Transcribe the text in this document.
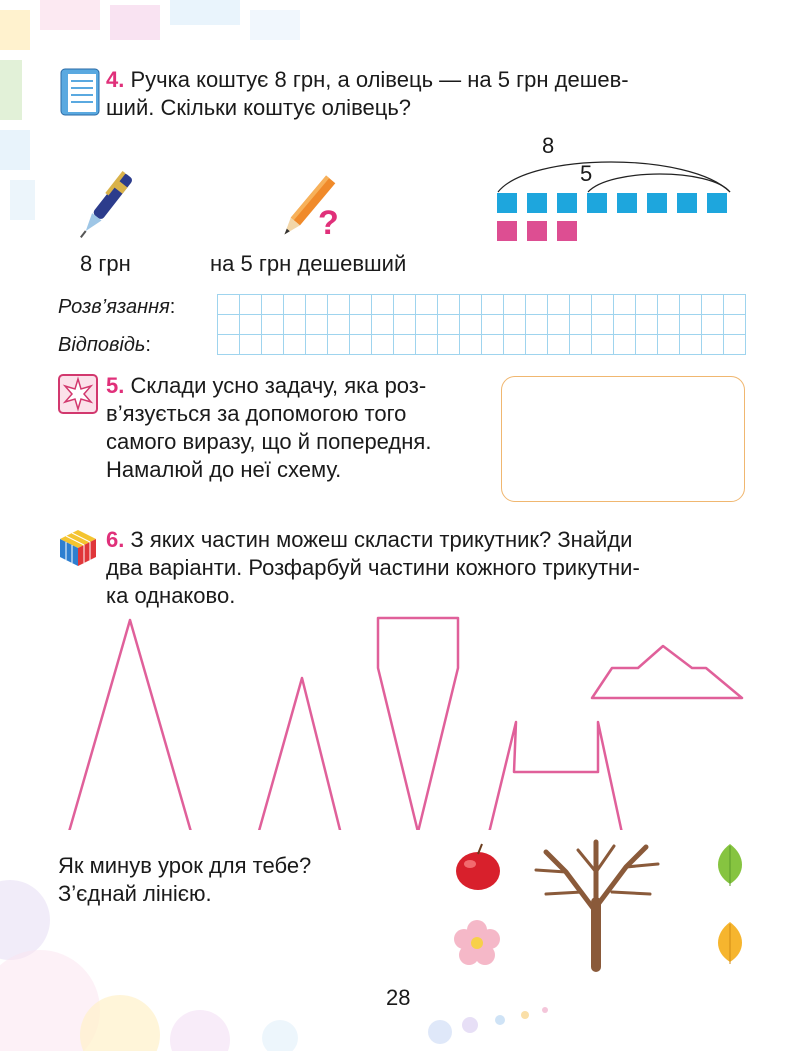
4. Ручка коштує 8 грн, а олівець — на 5 грн дешев-
ший. Скільки коштує олівець?
8 грн
?
на 5 грн дешевший
8
5
Розв’язання:
Відповідь:
5. Склади усно задачу, яка роз-
в’язується за допомогою того
самого виразу, що й попередня.
Намалюй до неї схему.
6. З яких частин можеш скласти трикутник? Знайди
два варіанти. Розфарбуй частини кожного трикутни-
ка однаково.
Як минув урок для тебе?
З’єднай лінією.
28
